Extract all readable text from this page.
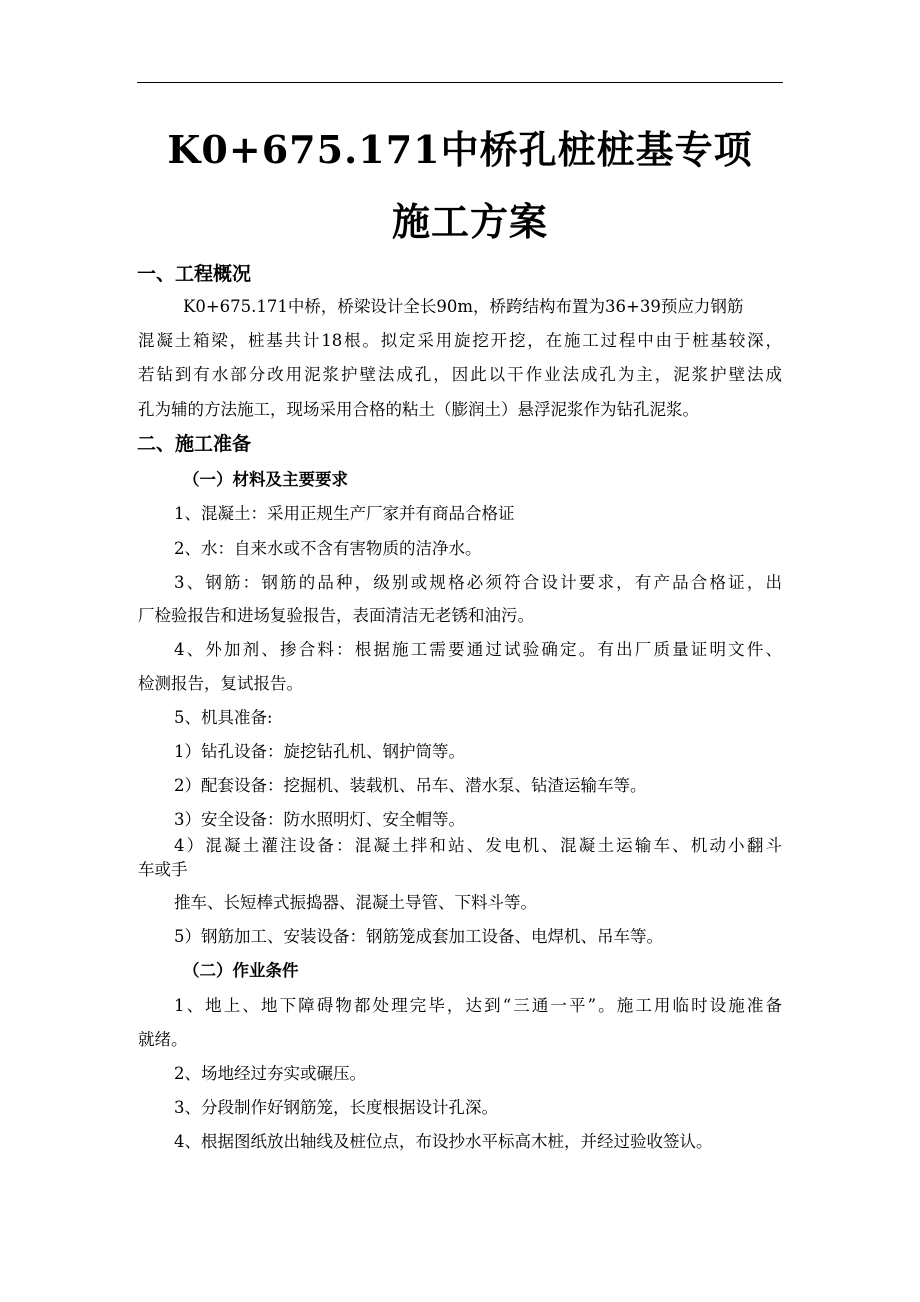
K0+675.171中桥孔桩桩基专项
施工方案
一、工程概况
K0+675.171中桥，桥梁设计全长90m，桥跨结构布置为36+39预应力钢筋
混凝土箱梁，桩基共计18根。拟定采用旋挖开挖，在施工过程中由于桩基较深，
若钻到有水部分改用泥浆护壁法成孔，因此以干作业法成孔为主，泥浆护壁法成
孔为辅的方法施工，现场采用合格的粘土（膨润土）悬浮泥浆作为钻孔泥浆。
二、施工准备
（一）材料及主要要求
1、混凝土：采用正规生产厂家并有商品合格证
2、水：自来水或不含有害物质的洁净水。
3、钢筋：钢筋的品种，级别或规格必须符合设计要求，有产品合格证，出
厂检验报告和进场复验报告，表面清洁无老锈和油污。
4、外加剂、掺合料：根据施工需要通过试验确定。有出厂质量证明文件、
检测报告，复试报告。
5、机具准备:
1）钻孔设备：旋挖钻孔机、钢护筒等。
2）配套设备：挖掘机、装载机、吊车、潜水泵、钻渣运输车等。
3）安全设备：防水照明灯、安全帽等。
4）混凝土灌注设备：混凝土拌和站、发电机、混凝土运输车、机动小翻斗
车或手
推车、长短棒式振捣器、混凝土导管、下料斗等。
5）钢筋加工、安装设备：钢筋笼成套加工设备、电焊机、吊车等。
（二）作业条件
1、地上、地下障碍物都处理完毕，达到“三通一平”。施工用临时设施准备
就绪。
2、场地经过夯实或碾压。
3、分段制作好钢筋笼，长度根据设计孔深。
4、根据图纸放出轴线及桩位点，布设抄水平标高木桩，并经过验收签认。
